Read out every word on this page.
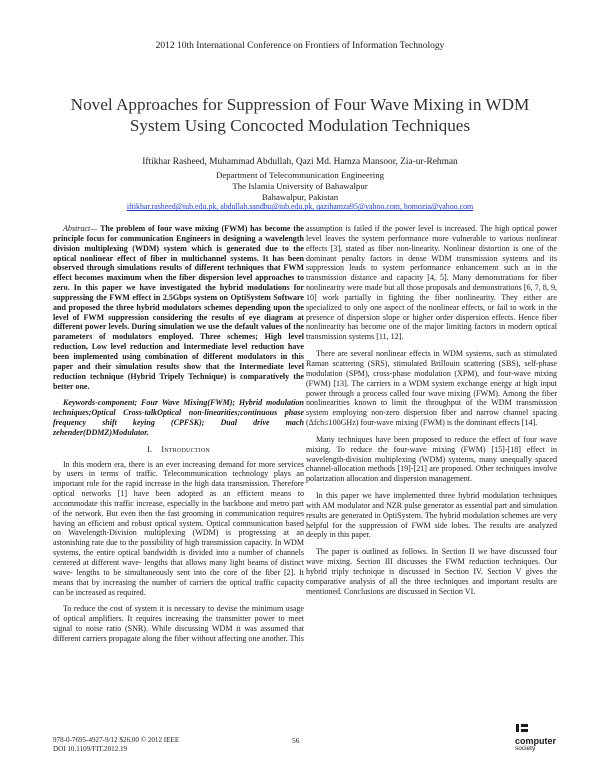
2012 10th International Conference on Frontiers of Information Technology
Novel Approaches for Suppression of Four Wave Mixing in WDM
System Using Concocted Modulation Techniques
Iftikhar Rasheed, Muhammad Abdullah, Qazi Md. Hamza Mansoor, Zia-ur-Rehman
Department of Telecommunication Engineering
The Islamia University of Bahawalpur
Bahawalpur, Pakistan
iftikhar.rasheed@iub.edu.pk, abdullah.sandhu@iub.edu.pk, qazihamza95@yahoo.com, homozia@yahoo.com

Abstract— The problem of four wave mixing (FWM) has become the principle focus for communication Engineers in designing a wavelength division multiplexing (WDM) system which is generated due to the optical nonlinear effect of fiber in multichannel systems. It has been observed through simulations results of different techniques that FWM effect becomes maximum when the fiber dispersion level approaches to zero. In this paper we have investigated the hybrid modulations for suppressing the FWM effect in 2.5Gbps system on OptiSystem Software and proposed the three hybrid modulators schemes depending upon the level of FWM suppression considering the results of eye diagram at different power levels. During simulation we use the default values of the parameters of modulators employed. Three schemes; High level reduction, Low level reduction and Intermediate level reduction have been implemented using combination of different modulators in this paper and their simulation results show that the Intermediate level reduction technique (Hybrid Tripely Technique) is comparatively the better one.

Keywords-component; Four Wave Mixing(FWM); Hybrid modulation techniques;Optical Cross-talkOptical non-linearities;continuous phase frequency shift keying (CPFSK); Dual drive mach zehender(DDMZ)Modulator.

I. Introduction

In this modern era, there is an ever increasing demand for more services by users in terms of traffic. Telecommunication technology plays an important role for the rapid increase in the high data transmission. Therefore optical networks [1] have been adopted as an efficient means to accommodate this traffic increase, especially in the backbone and metro part of the network. But even then the fast grooming in communication requires having an efficient and robust optical system. Optical communication based on Wavelength-Division multiplexing (WDM) is progressing at an astonishing rate due to the possibility of high transmission capacity. In WDM systems, the entire optical bandwidth is divided into a number of channels centered at different wave- lengths that allows many light beams of distinct wave- lengths to be simultaneously sent into the core of the fiber [2]. It means that by increasing the number of carriers the optical traffic capacity can be increased as required.

To reduce the cost of system it is necessary to devise the minimum usage of optical amplifiers. It requires increasing the transmitter power to meet signal to noise ratio (SNR). While discussing WDM it was assumed that different carriers propagate along the fiber without affecting one another. This

assumption is failed if the power level is increased. The high optical power level leaves the system performance more vulnerable to various nonlinear effects [3], stated as fiber non-linearity. Nonlinear distortion is one of the dominant penalty factors in dense WDM transmission systems and its suppression leads to system performance enhancement such as in the transmission distance and capacity [4, 5]. Many demonstrations for fiber nonlinearity were made but all those proposals and demonstrations [6, 7, 8, 9, 10] work partially in fighting the fiber nonlinearity. They either are specialized to only one aspect of the nonlinear effects, or fail to work in the presence of dispersion slope or higher order dispersion effects. Hence fiber nonlinearity has become one of the major limiting factors in modern optical transmission systems [11, 12].

There are several nonlinear effects in WDM systems, such as stimulated Raman scattering (SRS), stimulated Brillouin scattering (SBS), self-phase modulation (SPM), cross-phase modulation (XPM), and four-wave mixing (FWM) [13]. The carriers in a WDM system exchange energy at high input power through a process called four wave mixing (FWM). Among the fiber nonlinearities known to limit the throughput of the WDM transmission system employing non-zero dispersion fiber and narrow channel spacing (Δfch≤100GHz) four-wave mixing (FWM) is the dominant effects [14].

Many techniques have been proposed to reduce the effect of four wave mixing. To reduce the four-wave mixing (FWM) [15]-[18] effect in wavelength-division multiplexing (WDM) systems, many unequally spaced channel-allocation methods [19]-[21] are proposed. Other techniques involve polarization allocation and dispersion management.

In this paper we have implemented three hybrid modulation techniques with AM modulator and NZR pulse generator as essential part and simulation results are generated in OptiSystem. The hybrid modulation schemes are very helpful for the suppression of FWM side lobes. The results are analyzed deeply in this paper.

The paper is outlined as follows. In Section II we have discussed four wave mixing. Section III discusses the FWM reduction techniques. Our hybrid triply technique is discussed in Section IV. Section V gives the comparative analysis of all the three techniques and important results are mentioned. Conclusions are discussed in Section VI.

978-0-7695-4927-9/12 $26.00 © 2012 IEEE
DOI 10.1109/FIT.2012.19
56	computer
society
